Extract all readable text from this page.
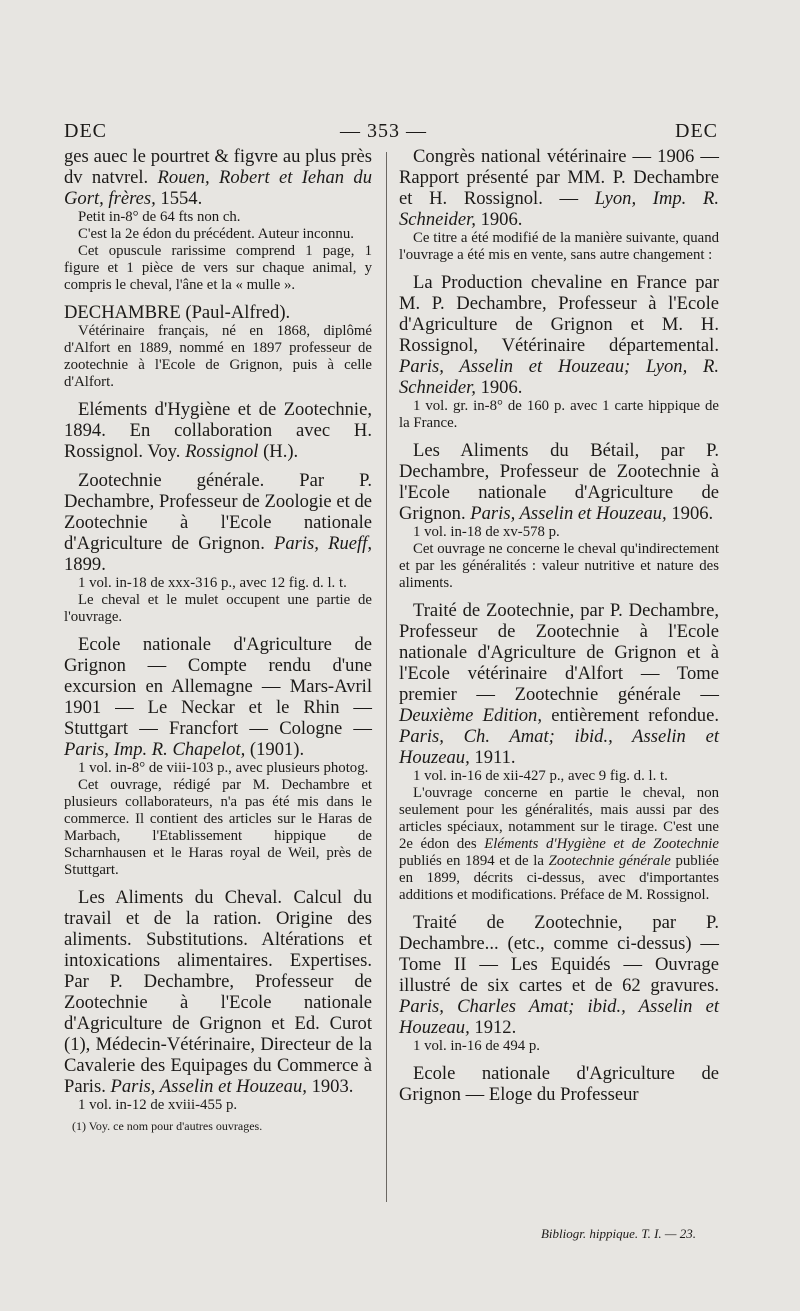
DEC	— 353 —	DEC

ges auec le pourtret & figvre au plus près dv natvrel. Rouen, Robert et Iehan du Gort, frères, 1554.

Petit in-8° de 64 fts non ch.

C'est la 2e édon du précédent. Auteur inconnu.

Cet opuscule rarissime comprend 1 page, 1 figure et 1 pièce de vers sur chaque animal, y compris le cheval, l'âne et la « mulle ».

DECHAMBRE (Paul-Alfred).

Vétérinaire français, né en 1868, diplômé d'Alfort en 1889, nommé en 1897 professeur de zootechnie à l'Ecole de Grignon, puis à celle d'Alfort.

Eléments d'Hygiène et de Zootechnie, 1894. En collaboration avec H. Rossignol. Voy. Rossignol (H.).

Zootechnie générale. Par P. Dechambre, Professeur de Zoologie et de Zootechnie à l'Ecole nationale d'Agriculture de Grignon. Paris, Rueff, 1899.

1 vol. in-18 de xxx-316 p., avec 12 fig. d. l. t.

Le cheval et le mulet occupent une partie de l'ouvrage.

Ecole nationale d'Agriculture de Grignon — Compte rendu d'une excursion en Allemagne — Mars-Avril 1901 — Le Neckar et le Rhin — Stuttgart — Francfort — Cologne — Paris, Imp. R. Chapelot, (1901).

1 vol. in-8° de viii-103 p., avec plusieurs photog.

Cet ouvrage, rédigé par M. Dechambre et plusieurs collaborateurs, n'a pas été mis dans le commerce. Il contient des articles sur le Haras de Marbach, l'Etablissement hippique de Scharnhausen et le Haras royal de Weil, près de Stuttgart.

Les Aliments du Cheval. Calcul du travail et de la ration. Origine des aliments. Substitutions. Altérations et intoxications alimentaires. Expertises. Par P. Dechambre, Professeur de Zootechnie à l'Ecole nationale d'Agriculture de Grignon et Ed. Curot (1), Médecin-Vétérinaire, Directeur de la Cavalerie des Equipages du Commerce à Paris. Paris, Asselin et Houzeau, 1903.

1 vol. in-12 de xviii-455 p.

(1) Voy. ce nom pour d'autres ouvrages.

Congrès national vétérinaire — 1906 — Rapport présenté par MM. P. Dechambre et H. Rossignol. — Lyon, Imp. R. Schneider, 1906.

Ce titre a été modifié de la manière suivante, quand l'ouvrage a été mis en vente, sans autre changement :

La Production chevaline en France par M. P. Dechambre, Professeur à l'Ecole d'Agriculture de Grignon et M. H. Rossignol, Vétérinaire départemental. Paris, Asselin et Houzeau; Lyon, R. Schneider, 1906.

1 vol. gr. in-8° de 160 p. avec 1 carte hippique de la France.

Les Aliments du Bétail, par P. Dechambre, Professeur de Zootechnie à l'Ecole nationale d'Agriculture de Grignon. Paris, Asselin et Houzeau, 1906.

1 vol. in-18 de xv-578 p.

Cet ouvrage ne concerne le cheval qu'indirectement et par les généralités : valeur nutritive et nature des aliments.

Traité de Zootechnie, par P. Dechambre, Professeur de Zootechnie à l'Ecole nationale d'Agriculture de Grignon et à l'Ecole vétérinaire d'Alfort — Tome premier — Zootechnie générale — Deuxième Edition, entièrement refondue. Paris, Ch. Amat; ibid., Asselin et Houzeau, 1911.

1 vol. in-16 de xii-427 p., avec 9 fig. d. l. t.

L'ouvrage concerne en partie le cheval, non seulement pour les généralités, mais aussi par des articles spéciaux, notamment sur le tirage. C'est une 2e édon des Eléments d'Hygiène et de Zootechnie publiés en 1894 et de la Zootechnie générale publiée en 1899, décrits ci-dessus, avec d'importantes additions et modifications. Préface de M. Rossignol.

Traité de Zootechnie, par P. Dechambre... (etc., comme ci-dessus) — Tome II — Les Equidés — Ouvrage illustré de six cartes et de 62 gravures. Paris, Charles Amat; ibid., Asselin et Houzeau, 1912.

1 vol. in-16 de 494 p.

Ecole nationale d'Agriculture de Grignon — Eloge du Professeur

Bibliogr. hippique. T. I. — 23.
